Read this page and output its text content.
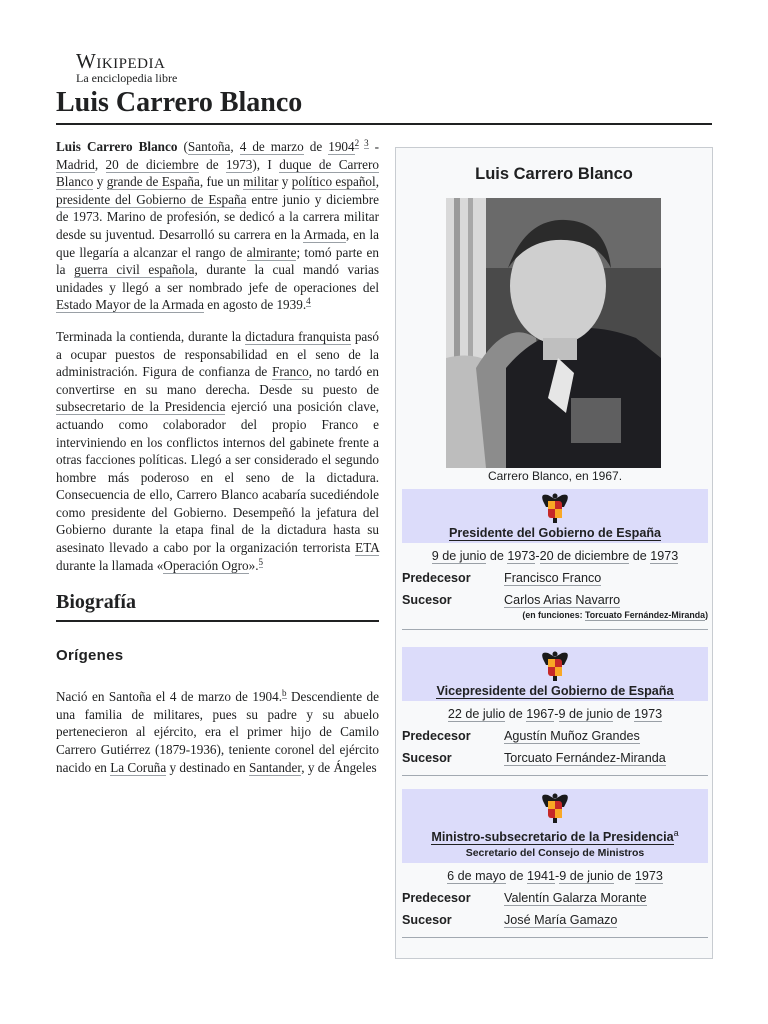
Wikipedia
La enciclopedia libre
Luis Carrero Blanco

Luis Carrero Blanco (Santoña, 4 de marzo de 1904$^{2 3}$ - Madrid, 20 de diciembre de 1973), I duque de Carrero Blanco y grande de España, fue un militar y político español, presidente del Gobierno de España entre junio y diciembre de 1973. Marino de profesión, se dedicó a la carrera militar desde su juventud. Desarrolló su carrera en la Armada, en la que llegaría a alcanzar el rango de almirante; tomó parte en la guerra civil española, durante la cual mandó varias unidades y llegó a ser nombrado jefe de operaciones del Estado Mayor de la Armada en agosto de 1939.$^4$

Terminada la contienda, durante la dictadura franquista pasó a ocupar puestos de responsabilidad en el seno de la administración. Figura de confianza de Franco, no tardó en convertirse en su mano derecha. Desde su puesto de subsecretario de la Presidencia ejerció una posición clave, actuando como colaborador del propio Franco e interviniendo en los conflictos internos del gabinete frente a otras facciones políticas. Llegó a ser considerado el segundo hombre más poderoso en el seno de la dictadura. Consecuencia de ello, Carrero Blanco acabaría sucediéndole como presidente del Gobierno. Desempeñó la jefatura del Gobierno durante la etapa final de la dictadura hasta su asesinato llevado a cabo por la organización terrorista ETA durante la llamada «Operación Ogro».$^5$

Biografía
Orígenes

Nació en Santoña el 4 de marzo de 1904.$^b$ Descendiente de una familia de militares, pues su padre y su abuelo pertenecieron al ejército, era el primer hijo de Camilo Carrero Gutiérrez (1879-1936), teniente coronel del ejército nacido en La Coruña y destinado en Santander, y de Ángeles

Luis Carrero Blanco
Carrero Blanco, en 1967.
Presidente del Gobierno de España
9 de junio de 1973-20 de diciembre de 1973
Predecesor	Francisco Franco
Sucesor	Carlos Arias Navarro
(en funciones: Torcuato Fernández-Miranda)
Vicepresidente del Gobierno de España
22 de julio de 1967-9 de junio de 1973
Predecesor	Agustín Muñoz Grandes
Sucesor	Torcuato Fernández-Miranda
Ministro-subsecretario de la Presidencia$^a$
Secretario del Consejo de Ministros
6 de mayo de 1941-9 de junio de 1973
Predecesor	Valentín Galarza Morante
Sucesor	José María Gamazo
